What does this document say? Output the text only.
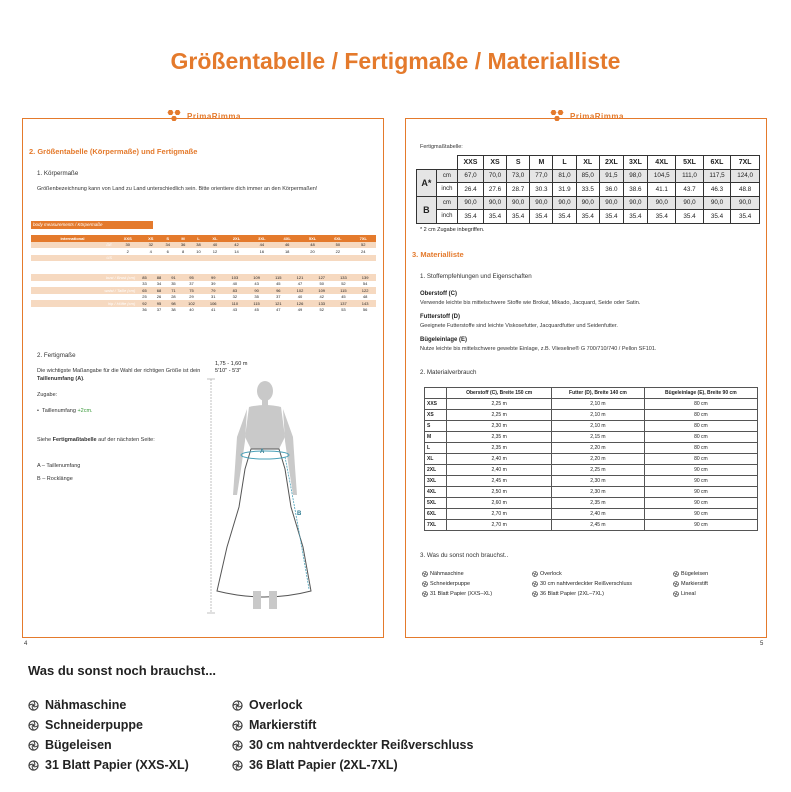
Größentabelle / Fertigmaße / Materialliste
PrimaRimma
2. Größentabelle (Körpermaße) und Fertigmaße
1. Körpermaße
Größenbezeichnung kann von Land zu Land unterschiedlich sein. Bitte orientiere dich immer an den Körpermaßen!
body measurements / Körpermaße
international	XXS	XS	S	M	L	XL	2XL	3XL	4XL	5XL	6XL	7XL
DE	30	32	34	36	38	40	42	44	46	48	50	52
UK	2	4	6	8	10	12	14	16	18	20	22	24
US												
bust / Brust (cm)	85	88	91	95	99	103	109	115	121	127	133	139
inches	33	34	35	37	39	40	43	45	47	50	52	54
waist / Taille (cm)	65	68	71	75	79	83	90	96	102	109	115	122
inches	25	26	28	29	31	32	35	37	40	42	45	48
hip / Hüfte (cm)	92	95	98	102	106	110	115	121	126	133	137	143
inches	36	37	38	40	41	43	45	47	49	52	53	56
2. Fertigmaße
Die wichtigste Maßangabe für die Wahl der richtigen Größe ist dein Taillenumfang (A).
Zugabe:
•  Taillenumfang +2cm.
Siehe Fertigmaßtabelle auf der nächsten Seite:
A – Taillenumfang
B – Rocklänge
1,75 - 1,60 m
5'10" - 5'3"
A
B
4
PrimaRimma
Fertigmaßtabelle:
		XXS	XS	S	M	L	XL	2XL	3XL	4XL	5XL	6XL	7XL
A*	cm	67,0	70,0	73,0	77,0	81,0	85,0	91,5	98,0	104,5	111,0	117,5	124,0
	inch	26.4	27.6	28.7	30.3	31.9	33.5	36.0	38.6	41.1	43.7	46.3	48.8
B	cm	90,0	90,0	90,0	90,0	90,0	90,0	90,0	90,0	90,0	90,0	90,0	90,0
	inch	35.4	35.4	35.4	35.4	35.4	35.4	35.4	35.4	35.4	35.4	35.4	35.4
* 2 cm Zugabe inbegriffen.
3. Materialliste
1. Stoffempfehlungen und Eigenschaften
Oberstoff (C)
Verwende leichte bis mittelschwere Stoffe wie Brokat, Mikado, Jacquard, Seide oder Satin.
Futterstoff (D)
Geeignete Futterstoffe sind leichte Viskosefutter, Jacquardfutter und Seidenfutter.
Bügeleinlage (E)
Nutze leichte bis mittelschwere gewebte Einlage, z.B. Vlieseline® G 700/710/740 / Pellon SF101.
2. Materialverbrauch
	Oberstoff (C), Breite 150 cm	Futter (D), Breite 140 cm	Bügeleinlage (E), Breite 90 cm
XXS	2,25 m	2,10 m	80 cm
XS	2,25 m	2,10 m	80 cm
S	2,30 m	2,10 m	80 cm
M	2,35 m	2,15 m	80 cm
L	2,35 m	2,20 m	80 cm
XL	2,40 m	2,20 m	80 cm
2XL	2,40 m	2,25 m	90 cm
3XL	2,45 m	2,30 m	90 cm
4XL	2,50 m	2,30 m	90 cm
5XL	2,60 m	2,35 m	90 cm
6XL	2,70 m	2,40 m	90 cm
7XL	2,70 m	2,45 m	90 cm
3. Was du sonst noch brauchst..
Nähmaschine
Schneiderpuppe
31 Blatt Papier (XXS–XL)
Overlock
30 cm nahtverdeckter Reißverschluss
36 Blatt Papier (2XL–7XL)
Bügeleisen
Markierstift
Lineal
5
Was du sonst noch brauchst...
Nähmaschine
Schneiderpuppe
Bügeleisen
31 Blatt Papier (XXS-XL)
Overlock
Markierstift
30 cm nahtverdeckter Reißverschluss
36 Blatt Papier (2XL-7XL)
